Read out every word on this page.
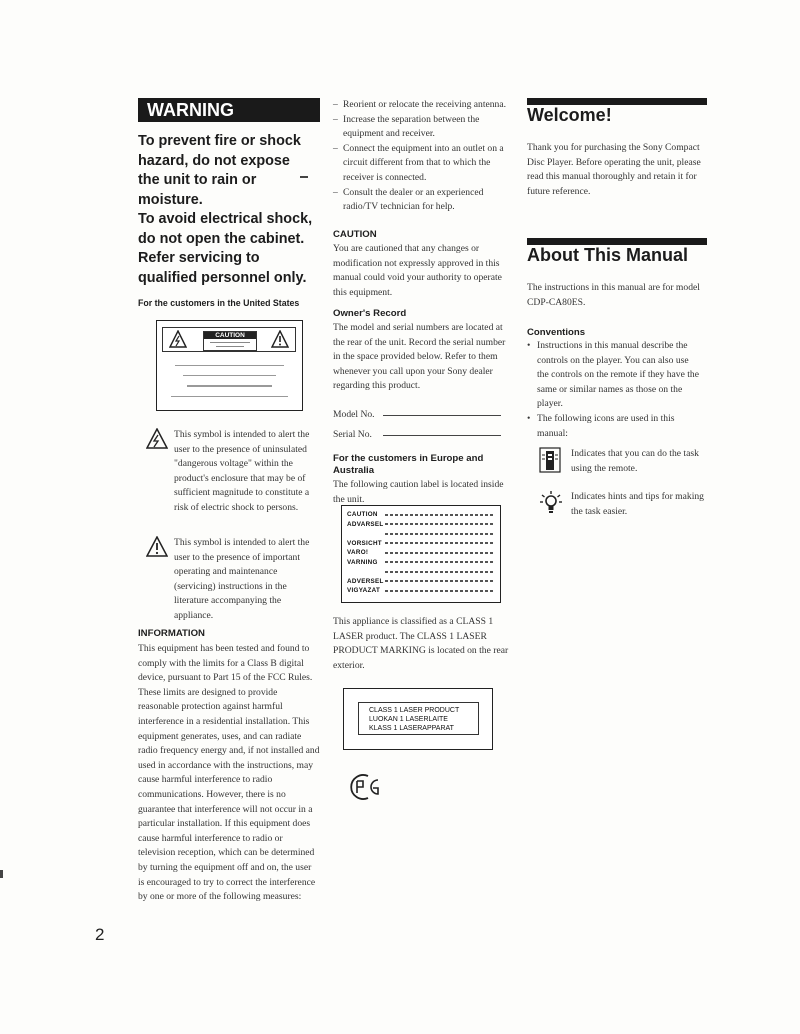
WARNING
To prevent fire or shock
hazard, do not expose
the unit to rain or
moisture.
To avoid electrical shock,
do not open the cabinet.
Refer servicing to
qualified personnel only.
For the customers in the United States
CAUTION
This symbol is intended to alert the user to the presence of uninsulated "dangerous voltage" within the product's enclosure that may be of sufficient magnitude to constitute a risk of electric shock to persons.
This symbol is intended to alert the user to the presence of important operating and maintenance (servicing) instructions in the literature accompanying the appliance.
INFORMATION
This equipment has been tested and found to comply with the limits for a Class B digital device, pursuant to Part 15 of the FCC Rules. These limits are designed to provide reasonable protection against harmful interference in a residential installation. This equipment generates, uses, and can radiate radio frequency energy and, if not installed and used in accordance with the instructions, may cause harmful interference to radio communications. However, there is no guarantee that interference will not occur in a particular installation. If this equipment does cause harmful interference to radio or television reception, which can be determined by turning the equipment off and on, the user is encouraged to try to correct the interference by one or more of the following measures:
– Reorient or relocate the receiving antenna.
– Increase the separation between the equipment and receiver.
– Connect the equipment into an outlet on a circuit different from that to which the receiver is connected.
– Consult the dealer or an experienced radio/TV technician for help.
CAUTION
You are cautioned that any changes or modification not expressly approved in this manual could void your authority to operate this equipment.
Owner's Record
The model and serial numbers are located at the rear of the unit. Record the serial number in the space provided below. Refer to them whenever you call upon your Sony dealer regarding this product.
Model No.
Serial No.
For the customers in Europe and Australia
The following caution label is located inside the unit.
CAUTION
ADVARSEL
VORSICHT
VARO!
VARNING
ADVERSEL
VIGYAZAT
This appliance is classified as a CLASS 1 LASER product. The CLASS 1 LASER PRODUCT MARKING is located on the rear exterior.
CLASS 1 LASER PRODUCT
LUOKAN 1 LASERLAITE
KLASS 1 LASERAPPARAT
Welcome!
Thank you for purchasing the Sony Compact Disc Player. Before operating the unit, please read this manual thoroughly and retain it for future reference.
About This Manual
The instructions in this manual are for model CDP-CA80ES.
Conventions
• Instructions in this manual describe the controls on the player. You can also use the controls on the remote if they have the same or similar names as those on the player.
• The following icons are used in this manual:
Indicates that you can do the task using the remote.
Indicates hints and tips for making the task easier.
2
